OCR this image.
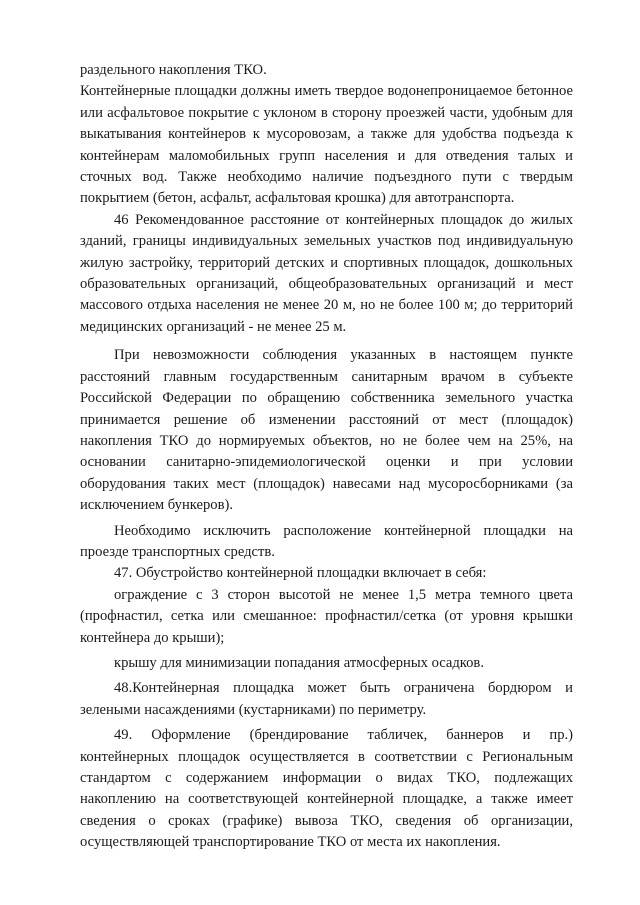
раздельного накопления ТКО.

Контейнерные площадки должны иметь твердое водонепроницаемое бетонное или асфальтовое покрытие с уклоном в сторону проезжей части, удобным для выкатывания контейнеров к мусоровозам, а также для удобства подъезда к контейнерам маломобильных групп населения и для отведения талых и сточных вод. Также необходимо наличие подъездного пути с твердым покрытием (бетон, асфальт, асфальтовая крошка) для автотранспорта.

46 Рекомендованное расстояние от контейнерных площадок до жилых зданий, границы индивидуальных земельных участков под индивидуальную жилую застройку, территорий детских и спортивных площадок, дошкольных образовательных организаций, общеобразовательных организаций и мест массового отдыха населения не менее 20 м, но не более 100 м; до территорий медицинских организаций - не менее 25 м.

При невозможности соблюдения указанных в настоящем пункте расстояний главным государственным санитарным врачом в субъекте Российской Федерации по обращению собственника земельного участка принимается решение об изменении расстояний от мест (площадок) накопления ТКО до нормируемых объектов, но не более чем на 25%, на основании санитарно-эпидемиологической оценки и при условии оборудования таких мест (площадок) навесами над мусоросборниками (за исключением бункеров).

Необходимо исключить расположение контейнерной площадки на проезде транспортных средств.

47. Обустройство контейнерной площадки включает в себя:

ограждение с 3 сторон высотой не менее 1,5 метра темного цвета (профнастил, сетка или смешанное: профнастил/сетка (от уровня крышки контейнера до крыши);

крышу для минимизации попадания атмосферных осадков.

48.Контейнерная площадка может быть ограничена бордюром и зелеными насаждениями (кустарниками) по периметру.

49. Оформление (брендирование табличек, баннеров и пр.) контейнерных площадок осуществляется в соответствии с Региональным стандартом с содержанием информации о видах ТКО, подлежащих накоплению на соответствующей контейнерной площадке, а также имеет сведения о сроках (графике) вывоза ТКО, сведения об организации, осуществляющей транспортирование ТКО от места их накопления.
